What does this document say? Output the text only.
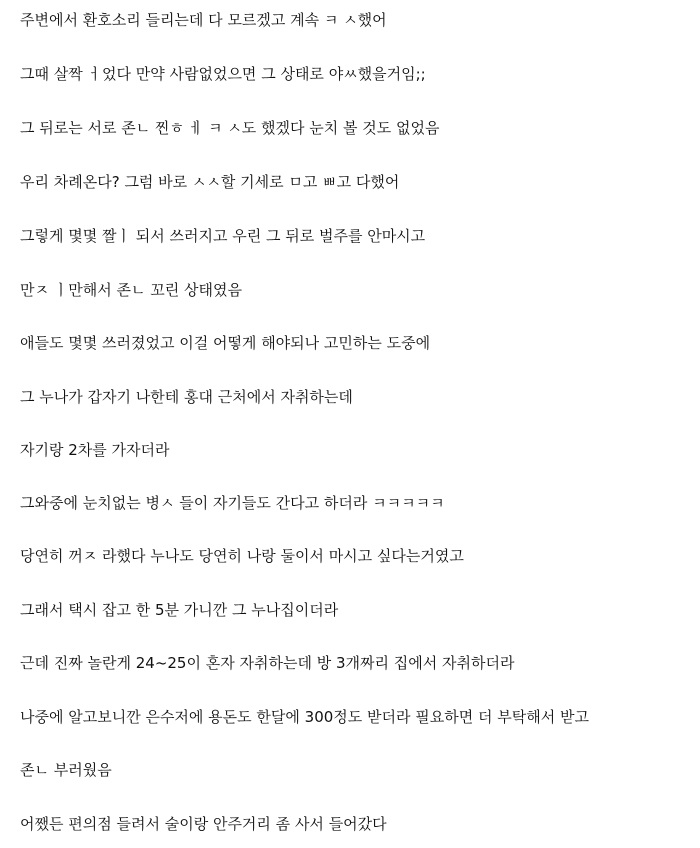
주변에서 환호소리 들리는데 다 모르겠고 계속 ㅋ ㅅ했어

그때 살짝 ㅓ었다 만약 사람없었으면 그 상태로 야ㅆ했을거임;;

그 뒤로는 서로 존ㄴ 찐ㅎ ㅔ ㅋ ㅅ도 했겠다 눈치 볼 것도 없었음

우리 차례온다? 그럼 바로 ㅅㅅ할 기세로 ㅁ고 ㅃ고 다했어

그렇게 몇몇 짤ㅣ 되서 쓰러지고 우린 그 뒤로 벌주를 안마시고

만ㅈ ㅣ만해서 존ㄴ 꼬린 상태였음

애들도 몇몇 쓰러졌었고 이걸 어떻게 해야되나 고민하는 도중에

그 누나가 갑자기 나한테 홍대 근처에서 자취하는데

자기랑 2차를 가자더라

그와중에 눈치없는 병ㅅ 들이 자기들도 간다고 하더라 ㅋㅋㅋㅋㅋ

당연히 꺼ㅈ 라했다 누나도 당연히 나랑 둘이서 마시고 싶다는거였고

그래서 택시 잡고 한 5분 가니깐 그 누나집이더라

근데 진짜 놀란게 24~25이 혼자 자취하는데 방 3개짜리 집에서 자취하더라

나중에 알고보니깐 은수저에 용돈도 한달에 300정도 받더라 필요하면 더 부탁해서 받고

존ㄴ 부러웠음

어쨌든 편의점 들려서 술이랑 안주거리 좀 사서 들어갔다
